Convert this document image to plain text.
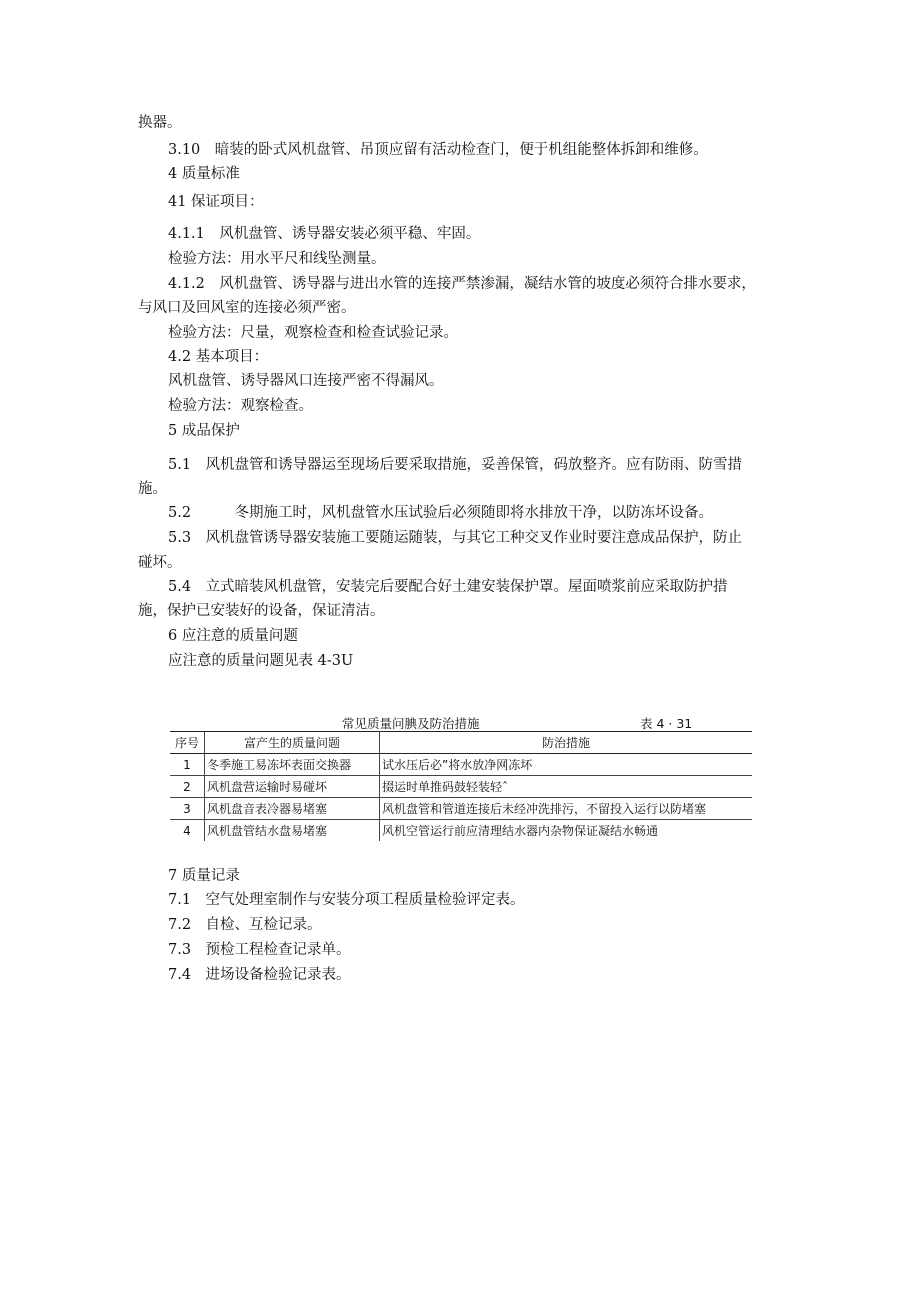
换器。
3.10　暗装的卧式风机盘管、吊顶应留有活动检查门，便于机组能整体拆卸和维修。
4 质量标准
41 保证项目：
4.1.1　风机盘管、诱导器安装必须平稳、牢固。
检验方法：用水平尺和线坠测量。
4.1.2　风机盘管、诱导器与进出水管的连接严禁渗漏，凝结水管的坡度必须符合排水要求，
与风口及回风室的连接必须严密。
检验方法：尺量，观察检查和检查试验记录。
4.2 基本项目：
风机盘管、诱导器风口连接严密不得漏风。
检验方法：观察检查。
5 成品保护
5.1　风机盘管和诱导器运至现场后要采取措施，妥善保管，码放整齐。应有防雨、防雪措
施。
5.2　　　冬期施工时，风机盘管水压试验后必须随即将水排放干净，以防冻坏设备。
5.3　风机盘管诱导器安装施工要随运随装，与其它工种交叉作业时要注意成品保护，防止
碰坏。
5.4　立式暗装风机盘管，安装完后要配合好土建安装保护罩。屋面喷浆前应采取防护措
施，保护已安装好的设备，保证清洁。
6 应注意的质量问题
应注意的质量问题见表 4-3U
常见质量问腆及防治措施	表 4 · 31
序号	富产生的质量问题	防治措施
1	冬季施工易冻坏表面交换器	试水压后必”将水放净网冻坏
2	风机盘营运输时易碰坏	掇运时单推码鼓轻装轻ˆ
3	风机盘音表冷器易堵塞	风机盘管和管道连接后未经冲洗排污，不留投入运行以防堵塞
4	风机盘管结水盘易堵塞	风机空管运行前应清理结水器内杂物保证凝结水畅通
7 质量记录
7.1　空气处理室制作与安装分项工程质量检验评定表。
7.2　自检、互检记录。
7.3　预检工程检查记录单。
7.4　进场设备检验记录表。
